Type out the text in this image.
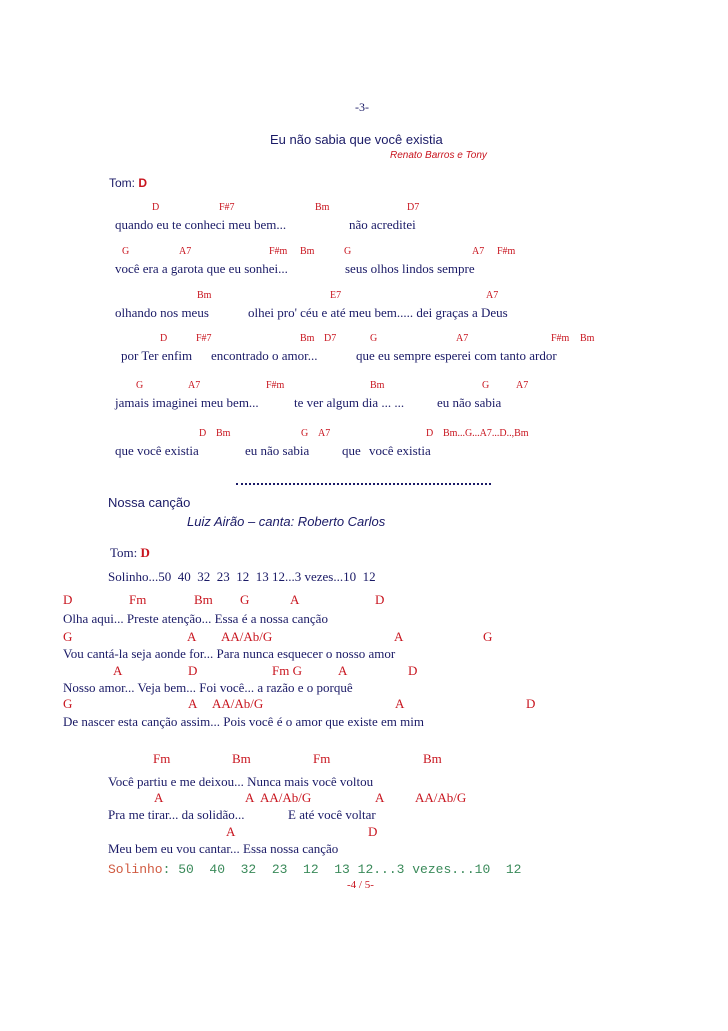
-3-
Eu não sabia que você existia
Renato Barros e Tony
Tom: D
D	F#7	Bm	D7
quando eu te conheci meu bem...	não acreditei
G	A7	F#m Bm	G	A7 F#m
você era a garota que eu sonhei...	seus olhos lindos sempre
Bm	E7	A7
olhando nos meus	olhei pro' céu e até meu bem..... dei graças a Deus
D	F#7	Bm D7	G	A7	F#m Bm
por Ter enfim encontrado o amor...	que eu sempre esperei com tanto ardor
G	A7	F#m	Bm	G	A7
jamais imaginei meu bem...	te ver algum dia ... ...	eu não sabia
D Bm	G A7	D Bm...G...A7...D..,Bm
que você existia	eu não sabia	que você existia
Nossa canção
Luiz Airão – canta: Roberto Carlos
Tom: D
Solinho...50  40  32  23  12  13 12...3 vezes...10  12
D	Fm	Bm G	A	D
Olha aqui... Preste atenção... Essa é a nossa canção
G	A AA/Ab/G	A	G
Vou cantá-la seja aonde for... Para nunca esquecer o nosso amor
A	D	Fm G	A	D
Nosso amor... Veja bem... Foi você... a razão e o porquê
G	A AA/Ab/G	A	D
De nascer esta canção assim... Pois você é o amor que existe em mim
Fm	Bm	Fm	Bm
Você partiu e me deixou... Nunca mais você voltou
A	A AA/Ab/G	A AA/Ab/G
Pra me tirar... da solidão...	E até você voltar
A	D
Meu bem eu vou cantar... Essa nossa canção
Solinho: 50  40  32  23  12  13 12...3 vezes...10  12
-4 / 5-
